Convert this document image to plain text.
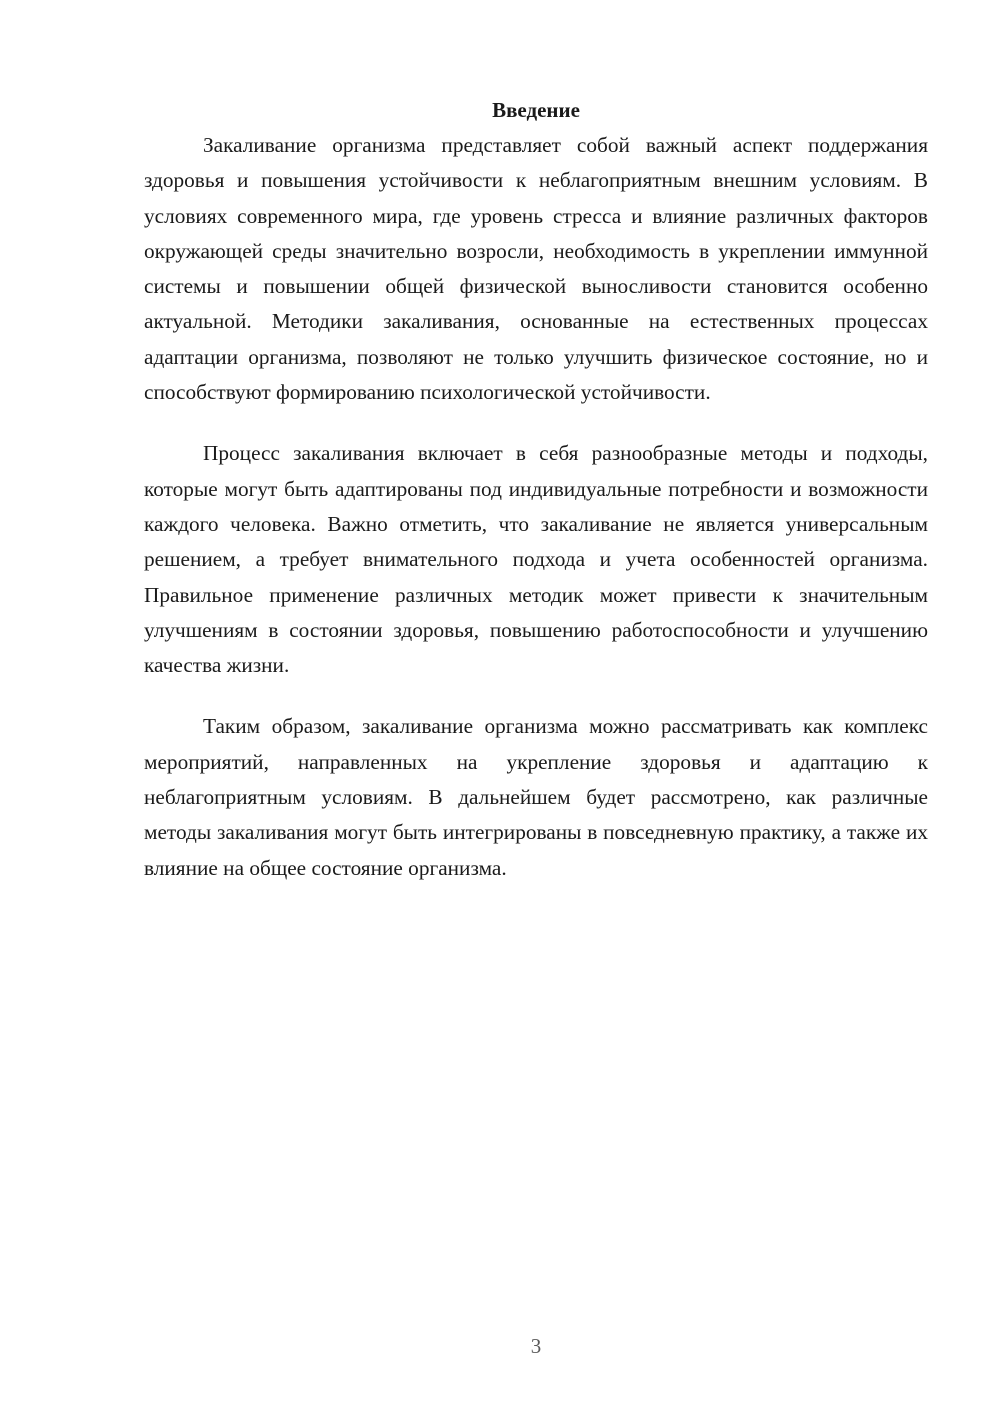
Введение

Закаливание организма представляет собой важный аспект поддержания здоровья и повышения устойчивости к неблагоприятным внешним условиям. В условиях современного мира, где уровень стресса и влияние различных факторов окружающей среды значительно возросли, необходимость в укреплении иммунной системы и повышении общей физической выносливости становится особенно актуальной. Методики закаливания, основанные на естественных процессах адаптации организма, позволяют не только улучшить физическое состояние, но и способствуют формированию психологической устойчивости.

Процесс закаливания включает в себя разнообразные методы и подходы, которые могут быть адаптированы под индивидуальные потребности и возможности каждого человека. Важно отметить, что закаливание не является универсальным решением, а требует внимательного подхода и учета особенностей организма. Правильное применение различных методик может привести к значительным улучшениям в состоянии здоровья, повышению работоспособности и улучшению качества жизни.

Таким образом, закаливание организма можно рассматривать как комплекс мероприятий, направленных на укрепление здоровья и адаптацию к неблагоприятным условиям. В дальнейшем будет рассмотрено, как различные методы закаливания могут быть интегрированы в повседневную практику, а также их влияние на общее состояние организма.

3
